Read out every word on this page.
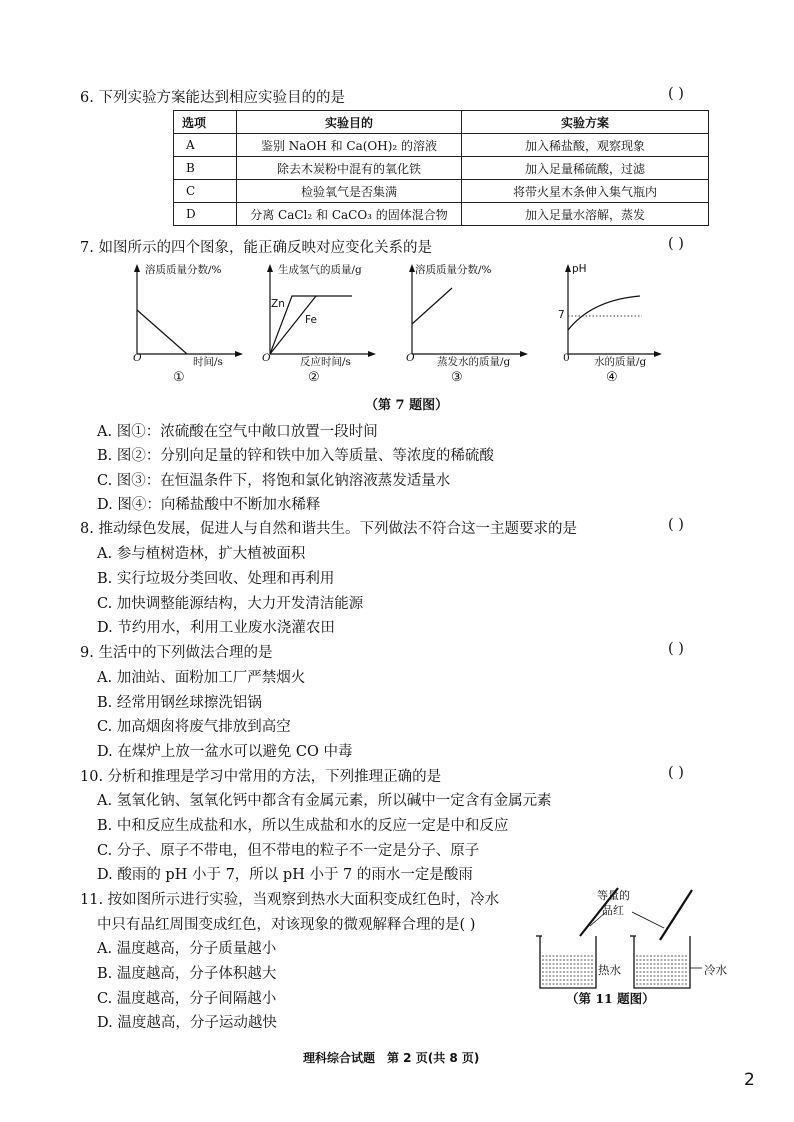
6. 下列实验方案能达到相应实验目的的是	( )
选项	实验目的	实验方案
A	鉴别 NaOH 和 Ca(OH)₂ 的溶液	加入稀盐酸，观察现象
B	除去木炭粉中混有的氧化铁	加入足量稀硫酸，过滤
C	检验氧气是否集满	将带火星木条伸入集气瓶内
D	分离 CaCl₂ 和 CaCO₃ 的固体混合物	加入足量水溶解，蒸发
7. 如图所示的四个图象，能正确反映对应变化关系的是	( )
溶质质量分数/%
O	时间/s
①
生成氢气的质量/g
Zn
Fe
O	反应时间/s
②
溶质质量分数/%
O 蒸发水的质量/g
③
pH
7
0 水的质量/g
④
（第 7 题图）
A. 图①：浓硫酸在空气中敞口放置一段时间
B. 图②：分别向足量的锌和铁中加入等质量、等浓度的稀硫酸
C. 图③：在恒温条件下，将饱和氯化钠溶液蒸发适量水
D. 图④：向稀盐酸中不断加水稀释
8. 推动绿色发展，促进人与自然和谐共生。下列做法不符合这一主题要求的是	( )
A. 参与植树造林，扩大植被面积
B. 实行垃圾分类回收、处理和再利用
C. 加快调整能源结构，大力开发清洁能源
D. 节约用水，利用工业废水浇灌农田
9. 生活中的下列做法合理的是	( )
A. 加油站、面粉加工厂严禁烟火
B. 经常用钢丝球擦洗铝锅
C. 加高烟囱将废气排放到高空
D. 在煤炉上放一盆水可以避免 CO 中毒
10. 分析和推理是学习中常用的方法，下列推理正确的是	( )
A. 氢氧化钠、氢氧化钙中都含有金属元素，所以碱中一定含有金属元素
B. 中和反应生成盐和水，所以生成盐和水的反应一定是中和反应
C. 分子、原子不带电，但不带电的粒子不一定是分子、原子
D. 酸雨的 pH 小于 7，所以 pH 小于 7 的雨水一定是酸雨
11. 按如图所示进行实验，当观察到热水大面积变成红色时，冷水
中只有品红周围变成红色，对该现象的微观解释合理的是( )
A. 温度越高，分子质量越小
B. 温度越高，分子体积越大
C. 温度越高，分子间隔越小
D. 温度越高，分子运动越快
等量的
品红
热水	冷水
（第 11 题图）
理科综合试题　第 2 页(共 8 页)
2
